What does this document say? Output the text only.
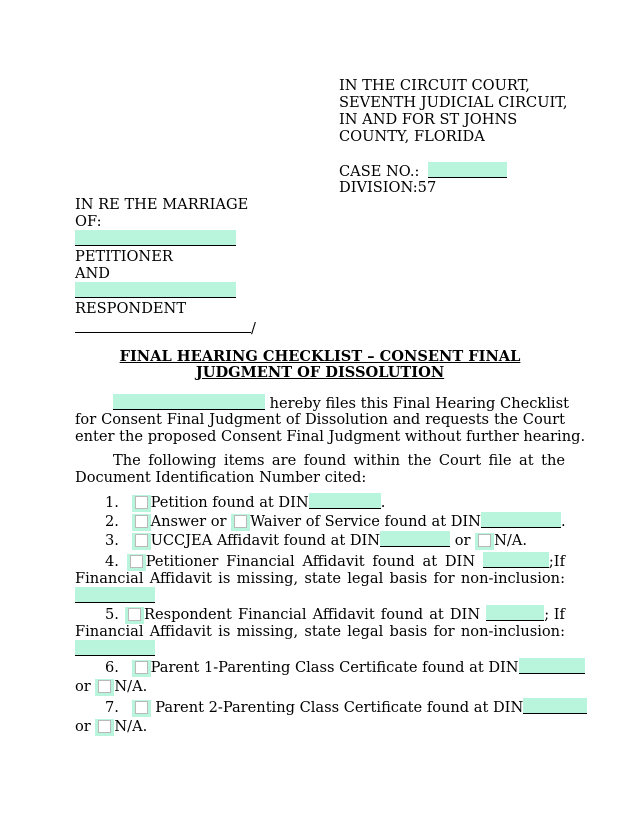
IN THE CIRCUIT COURT,
SEVENTH JUDICIAL CIRCUIT,
IN AND FOR ST JOHNS
COUNTY, FLORIDA
CASE NO.:
DIVISION:57
IN RE THE MARRIAGE
OF:
PETITIONER
AND
RESPONDENT
/
FINAL HEARING CHECKLIST – CONSENT FINAL
JUDGMENT OF DISSOLUTION
hereby files this Final Hearing Checklist
for Consent Final Judgment of Dissolution and requests the Court
enter the proposed Consent Final Judgment without further hearing.
The following items are found within the Court file at the
Document Identification Number cited:
1. Petition found at DIN	.
2. Answer or Waiver of Service found at DIN	.
3. UCCJEA Affidavit found at DIN	or N/A.
4.	Petitioner Financial Affidavit found at DIN	;If
Financial Affidavit is missing, state legal basis for non-inclusion:
5.	Respondent Financial Affidavit found at DIN	; If
Financial Affidavit is missing, state legal basis for non-inclusion:
6. Parent 1-Parenting Class Certificate found at DIN
or N/A.
7. Parent 2-Parenting Class Certificate found at DIN
or N/A.
